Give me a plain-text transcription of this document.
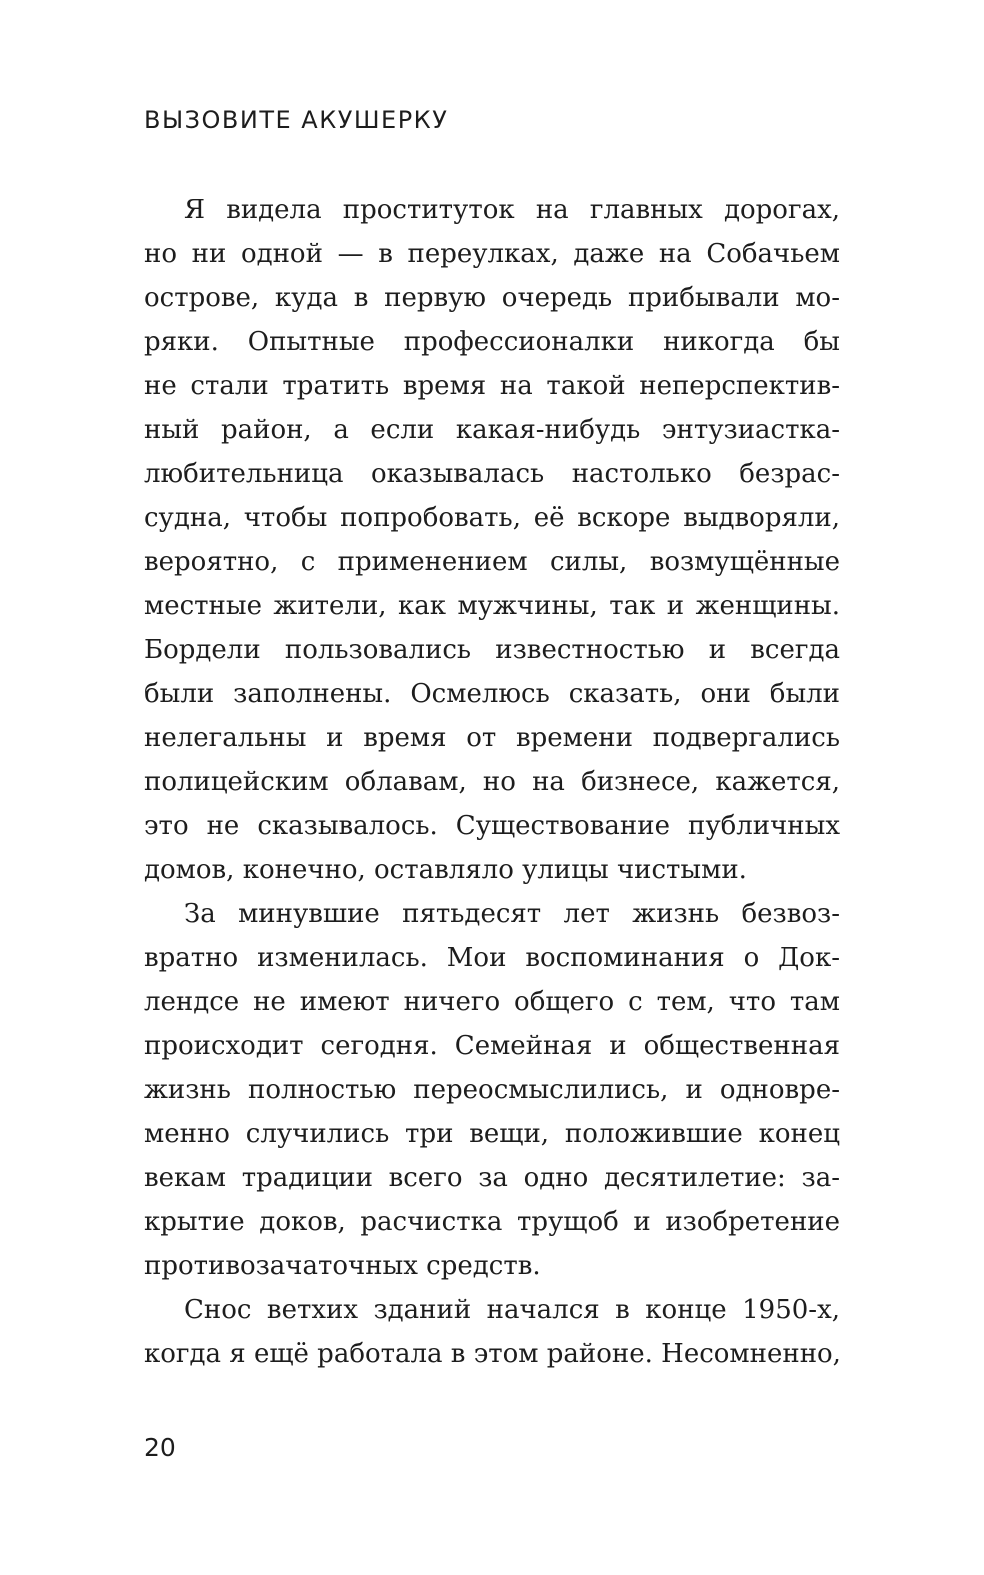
ВЫЗОВИТЕ АКУШЕРКУ
Я видела проституток на главных дорогах,
но ни одной — в переулках, даже на Собачьем
острове, куда в первую очередь прибывали мо-
ряки. Опытные профессионалки никогда бы
не стали тратить время на такой неперспектив-
ный район, а если какая-нибудь энтузиастка-
любительница оказывалась настолько безрас-
судна, чтобы попробовать, её вскоре выдворяли,
вероятно, с применением силы, возмущённые
местные жители, как мужчины, так и женщины.
Бордели пользовались известностью и всегда
были заполнены. Осмелюсь сказать, они были
нелегальны и время от времени подвергались
полицейским облавам, но на бизнесе, кажется,
это не сказывалось. Существование публичных
домов, конечно, оставляло улицы чистыми.
За минувшие пятьдесят лет жизнь безвоз-
вратно изменилась. Мои воспоминания о Док-
лендсе не имеют ничего общего с тем, что там
происходит сегодня. Семейная и общественная
жизнь полностью переосмыслились, и одновре-
менно случились три вещи, положившие конец
векам традиции всего за одно десятилетие: за-
крытие доков, расчистка трущоб и изобретение
противозачаточных средств.
Снос ветхих зданий начался в конце 1950-х,
когда я ещё работала в этом районе. Несомненно,
20
